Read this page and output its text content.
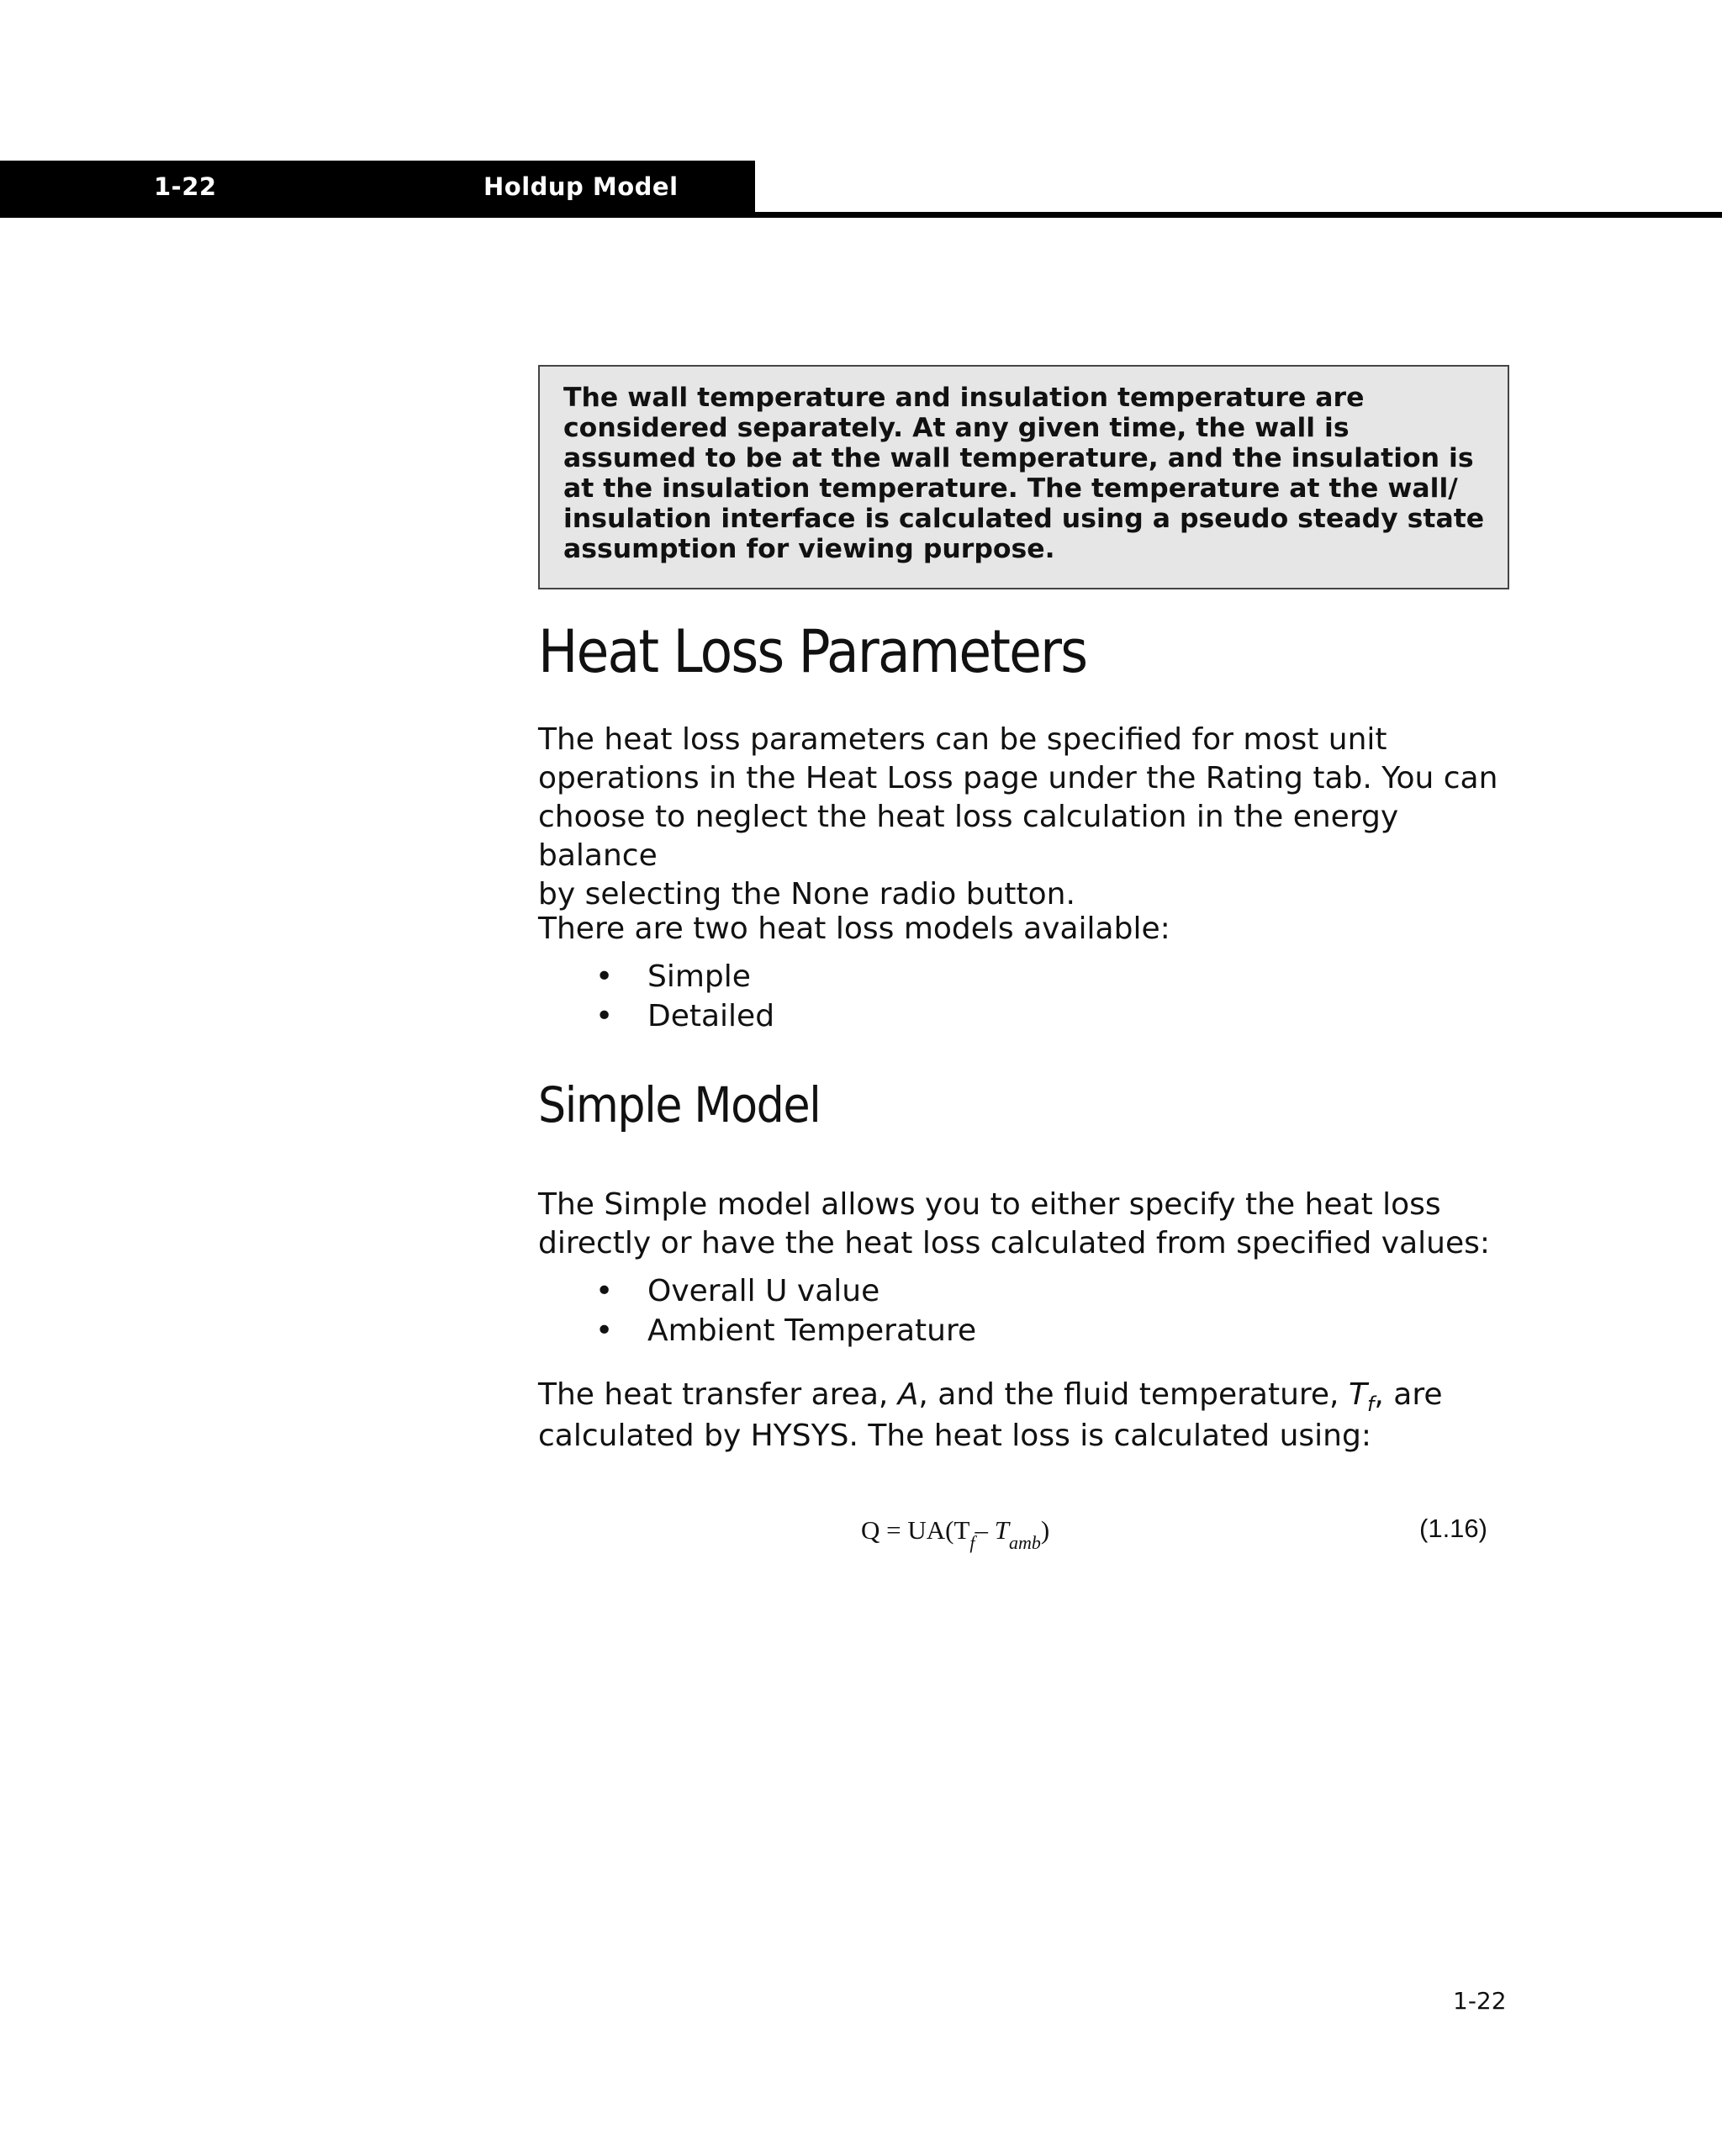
1-22	Holdup Model
The wall temperature and insulation temperature are
considered separately. At any given time, the wall is
assumed to be at the wall temperature, and the insulation is
at the insulation temperature. The temperature at the wall/
insulation interface is calculated using a pseudo steady state
assumption for viewing purpose.
Heat Loss Parameters
The heat loss parameters can be specified for most unit
operations in the Heat Loss page under the Rating tab. You can
choose to neglect the heat loss calculation in the energy balance
by selecting the None radio button.
There are two heat loss models available:
• Simple
• Detailed
Simple Model
The Simple model allows you to either specify the heat loss
directly or have the heat loss calculated from specified values:
• Overall U value
• Ambient Temperature
The heat transfer area, A, and the fluid temperature, $T_f$, are
calculated by HYSYS. The heat loss is calculated using:
$Q = UA(T_f-$ $T_{amb}$)	(1.16)
1-22
